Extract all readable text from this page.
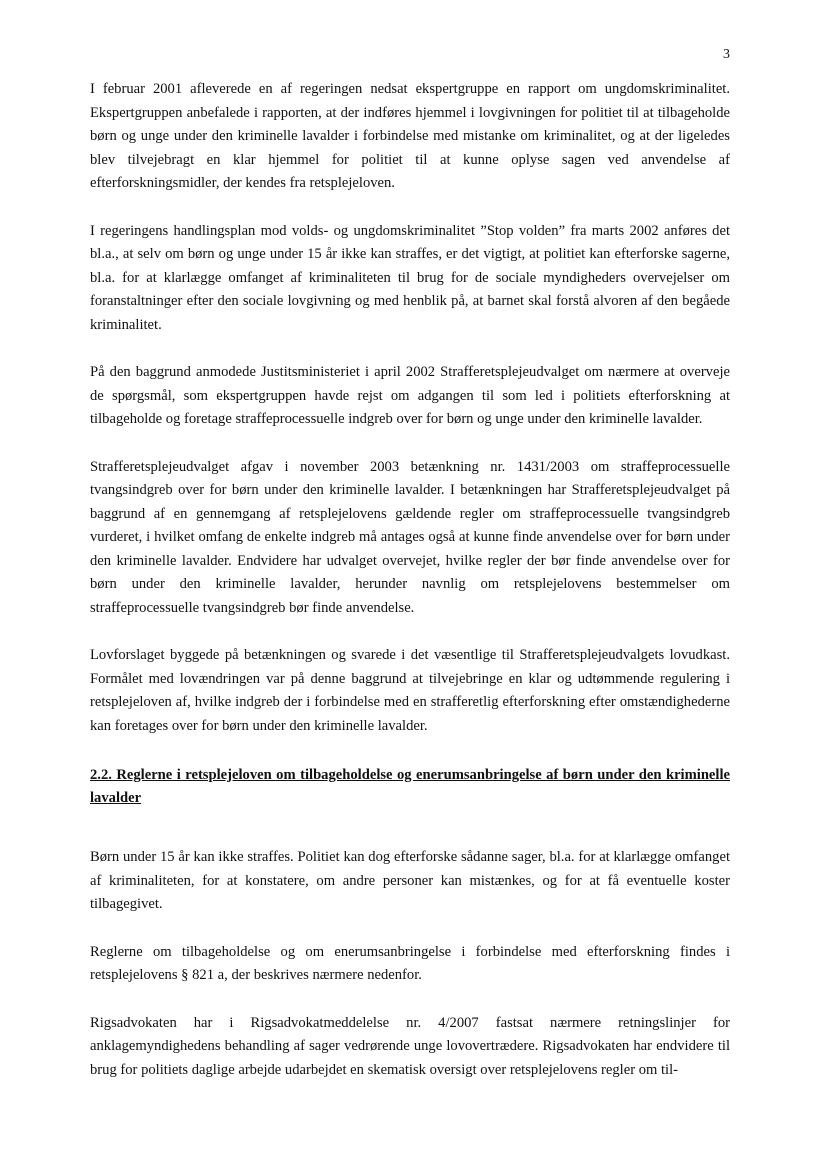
3

I februar 2001 afleverede en af regeringen nedsat ekspertgruppe en rapport om ungdomskriminalitet. Ekspertgruppen anbefalede i rapporten, at der indføres hjemmel i lovgivningen for politiet til at tilbageholde børn og unge under den kriminelle lavalder i forbindelse med mistanke om kriminalitet, og at der ligeledes blev tilvejebragt en klar hjemmel for politiet til at kunne oplyse sagen ved anvendelse af efterforskningsmidler, der kendes fra retsplejeloven.

I regeringens handlingsplan mod volds- og ungdomskriminalitet ”Stop volden” fra marts 2002 anføres det bl.a., at selv om børn og unge under 15 år ikke kan straffes, er det vigtigt, at politiet kan efterforske sagerne, bl.a. for at klarlægge omfanget af kriminaliteten til brug for de sociale myndigheders overvejelser om foranstaltninger efter den sociale lovgivning og med henblik på, at barnet skal forstå alvoren af den begåede kriminalitet.

På den baggrund anmodede Justitsministeriet i april 2002 Strafferetsplejeudvalget om nærmere at overveje de spørgsmål, som ekspertgruppen havde rejst om adgangen til som led i politiets efterforskning at tilbageholde og foretage straffeprocessuelle indgreb over for børn og unge under den kriminelle lavalder.

Strafferetsplejeudvalget afgav i november 2003 betænkning nr. 1431/2003 om straffeprocessuelle tvangsindgreb over for børn under den kriminelle lavalder. I betænkningen har Strafferetsplejeudvalget på baggrund af en gennemgang af retsplejelovens gældende regler om straffeprocessuelle tvangsindgreb vurderet, i hvilket omfang de enkelte indgreb må antages også at kunne finde anvendelse over for børn under den kriminelle lavalder. Endvidere har udvalget overvejet, hvilke regler der bør finde anvendelse over for børn under den kriminelle lavalder, herunder navnlig om retsplejelovens bestemmelser om straffeprocessuelle tvangsindgreb bør finde anvendelse.

Lovforslaget byggede på betænkningen og svarede i det væsentlige til Strafferetsplejeudvalgets lovudkast. Formålet med lovændringen var på denne baggrund at tilvejebringe en klar og udtømmende regulering i retsplejeloven af, hvilke indgreb der i forbindelse med en strafferetlig efterforskning efter omstændighederne kan foretages over for børn under den kriminelle lavalder.

2.2. Reglerne i retsplejeloven om tilbageholdelse og enerumsanbringelse af børn under den kriminelle lavalder

Børn under 15 år kan ikke straffes. Politiet kan dog efterforske sådanne sager, bl.a. for at klarlægge omfanget af kriminaliteten, for at konstatere, om andre personer kan mistænkes, og for at få eventuelle koster tilbagegivet.

Reglerne om tilbageholdelse og om enerumsanbringelse i forbindelse med efterforskning findes i retsplejelovens § 821 a, der beskrives nærmere nedenfor.

Rigsadvokaten har i Rigsadvokatmeddelelse nr. 4/2007 fastsat nærmere retningslinjer for anklagemyndighedens behandling af sager vedrørende unge lovovertrædere. Rigsadvokaten har endvidere til brug for politiets daglige arbejde udarbejdet en skematisk oversigt over retsplejelovens regler om til-
